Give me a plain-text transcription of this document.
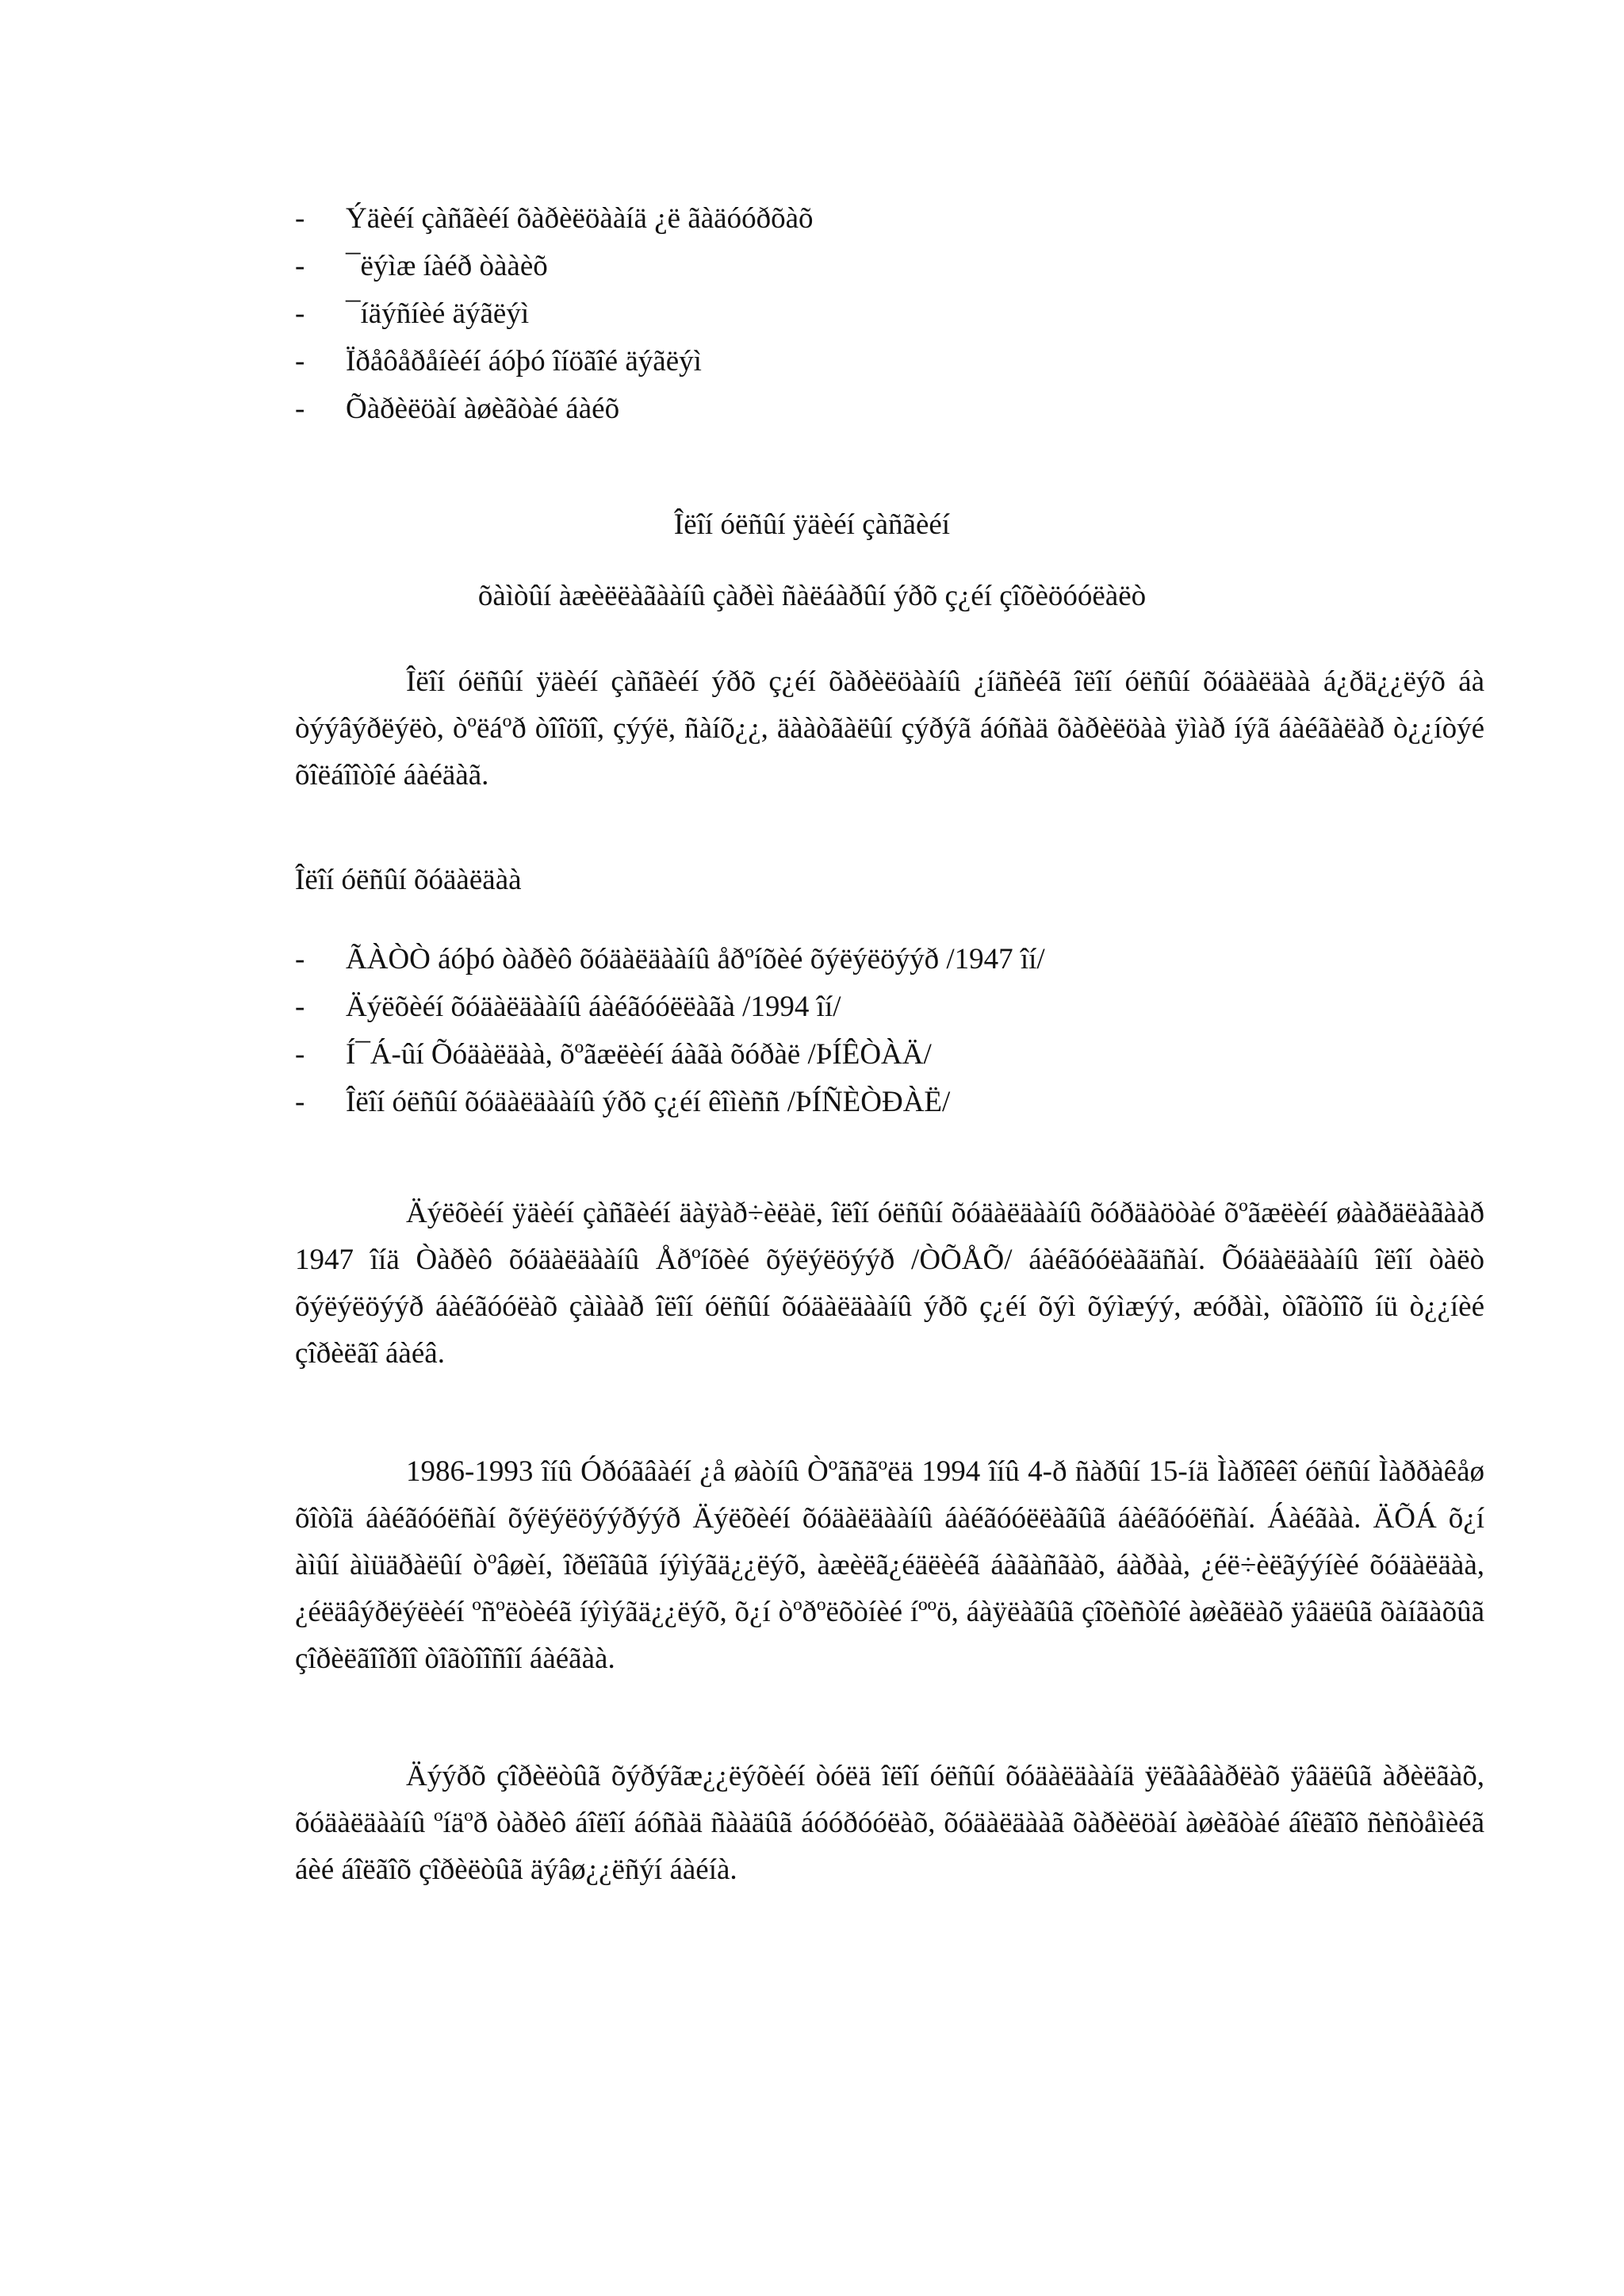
- Ýäèéí çàñãèéí õàðèëöààíä ¿ë ãàäóóðõàõ
- ¯ëýìæ íàéð òààèõ
- ¯íäýñíèé äýãëýì
- Ïðåôåðåíèéí áóþó îíöãîé äýãëýì
- Õàðèëöàí àøèãòàé áàéõ
Îëîí óëñûí ÿäèéí çàñãèéí
õàìòûí àæèëëàãààíû çàðèì ñàëáàðûí ýðõ ç¿éí çîõèöóóëàëò

Îëîí óëñûí ÿäèéí çàñãèéí ýðõ ç¿éí õàðèëöààíû ¿íäñèéã îëîí óëñûí õóäàëäàà á¿ðä¿¿ëýõ áà òýýâýðëýëò, òºëáºð òîîöîî, çýýë, ñàíõ¿¿, äààòãàëûí çýðýã áóñàä õàðèëöàà ÿìàð íýã áàéãàëàð ò¿¿íòýé õîëáîîòîé áàéäàã.

Îëîí óëñûí õóäàëäàà
- ÃÀÒÒ áóþó òàðèô õóäàëäààíû åðºíõèé õýëýëöýýð /1947 îí/
- Äýëõèéí õóäàëäààíû áàéãóóëëàãà /1994 îí/
- Í¯Á-ûí Õóäàëäàà, õºãæëèéí áàãà õóðàë /ÞÍÊÒÀÄ/
- Îëîí óëñûí õóäàëäààíû ýðõ ç¿éí êîìèññ /ÞÍÑÈÒÐÀË/

Äýëõèéí ÿäèéí çàñãèéí äàÿàð÷èëàë, îëîí óëñûí õóäàëäààíû õóðäàöòàé õºãæëèéí øààðäëàãààð 1947 îíä Òàðèô õóäàëäààíû Åðºíõèé õýëýëöýýð /ÒÕÅÕ/ áàéãóóëàãäñàí. Õóäàëäààíû îëîí òàëò õýëýëöýýð áàéãóóëàõ çàìààð îëîí óëñûí õóäàëäààíû ýðõ ç¿éí õýì õýìæýý, æóðàì, òîãòîîõ íü ò¿¿íèé çîðèëãî áàéâ.

1986-1993 îíû Óðóãâàéí ¿å øàòíû Òºãñãºëä 1994 îíû 4-ð ñàðûí 15-íä Ìàðîêêî óëñûí Ìàððàêåø õîòîä áàéãóóëñàí õýëýëöýýðýýð Äýëõèéí õóäàëäààíû áàéãóóëëàãûã áàéãóóëñàí. Áàéãàà. ÄÕÁ õ¿í àìûí àìüäðàëûí òºâøèí, îðëîãûã íýìýãä¿¿ëýõ, àæèëã¿éäëèéã áàãàñãàõ, áàðàà, ¿éë÷èëãýýíèé õóäàëäàà, ¿éëäâýðëýëèéí ºñºëòèéã íýìýãä¿¿ëýõ, õ¿í òºðºëõòíèé íººö, áàÿëàãûã çîõèñòîé àøèãëàõ ÿâäëûã õàíãàõûã çîðèëãîîðîî òîãòîîñîí áàéãàà.

Äýýðõ çîðèëòûã õýðýãæ¿¿ëýõèéí òóëä îëîí óëñûí õóäàëäààíä ÿëãàâàðëàõ ÿâäëûã àðèëãàõ, õóäàëäààíû ºíäºð òàðèô áîëîí áóñàä ñààäûã áóóðóóëàõ, õóäàëäààã õàðèëöàí àøèãòàé áîëãîõ ñèñòåìèéã áèé áîëãîõ çîðèëòûã äýâø¿¿ëñýí áàéíà.
